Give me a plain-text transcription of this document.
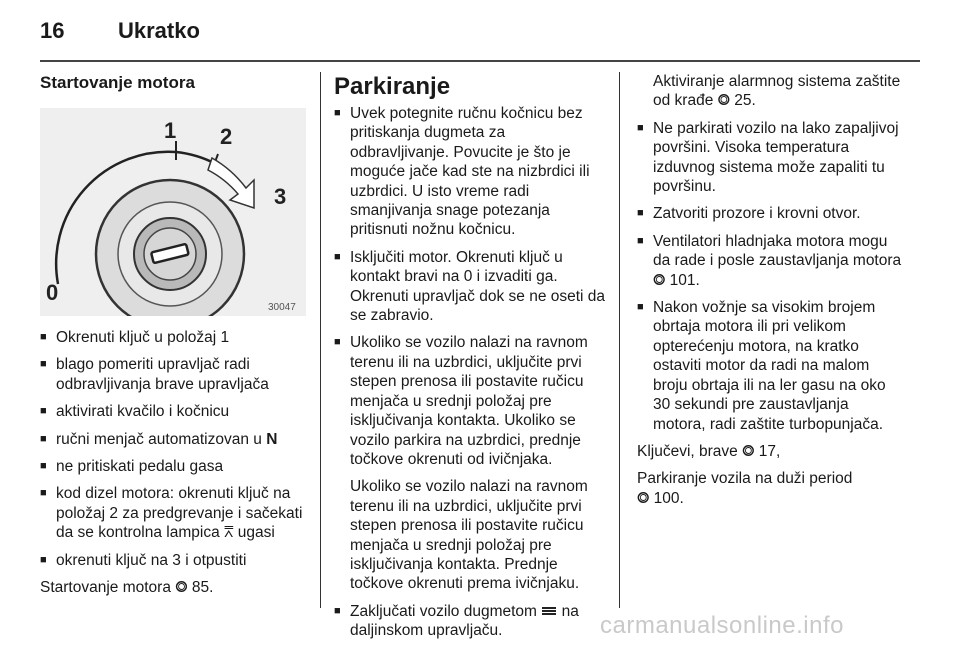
16 Ukratko
Startovanje motora
1 2
3
0
30047
■ Okrenuti ključ u položaj 1
■ blago pomeriti upravljač radi odbravljivanja brave upravljača
■ aktivirati kvačilo i kočnicu
■ ručni menjač automatizovan u N
■ ne pritiskati pedalu gasa
■ kod dizel motora: okrenuti ključ na položaj 2 za predgrevanje i sačekati da se kontrolna lampica ⩞ ugasi
■ okrenuti ključ na 3 i otpustiti

Startovanje motora ⭗ 85.

Parkiranje
■ Uvek potegnite ručnu kočnicu bez pritiskanja dugmeta za odbravljivanje. Povucite je što je moguće jače kad ste na nizbrdici ili uzbrdici. U isto vreme radi smanjivanja snage potezanja pritisnuti nožnu kočnicu.
■ Isključiti motor. Okrenuti ključ u kontakt bravi na 0 i izvaditi ga. Okrenuti upravljač dok se ne oseti da se zabravio.
■ Ukoliko se vozilo nalazi na ravnom terenu ili na uzbrdici, uključite prvi stepen prenosa ili postavite ručicu menjača u srednji položaj pre isključivanja kontakta. Ukoliko se vozilo parkira na uzbrdici, prednje točkove okrenuti od ivičnjaka.

Ukoliko se vozilo nalazi na ravnom terenu ili na uzbrdici, uključite prvi stepen prenosa ili postavite ručicu menjača u srednji položaj pre isključivanja kontakta. Prednje točkove okrenuti prema ivičnjaku.

■ Zaključati vozilo dugmetom  na daljinskom upravljaču.

Aktiviranje alarmnog sistema zaštite od krađe ⭗ 25.

■ Ne parkirati vozilo na lako zapaljivoj površini. Visoka temperatura izduvnog sistema može zapaliti tu površinu.
■ Zatvoriti prozore i krovni otvor.
■ Ventilatori hladnjaka motora mogu da rade i posle zaustavljanja motora ⭗ 101.
■ Nakon vožnje sa visokim brojem obrtaja motora ili pri velikom opterećenju motora, na kratko ostaviti motor da radi na malom broju obrtaja ili na ler gasu na oko 30 sekundi pre zaustavljanja motora, radi zaštite turbopunjača.

Ključevi, brave ⭗ 17,

Parkiranje vozila na duži period
⭗ 100.

carmanualsonline.info
